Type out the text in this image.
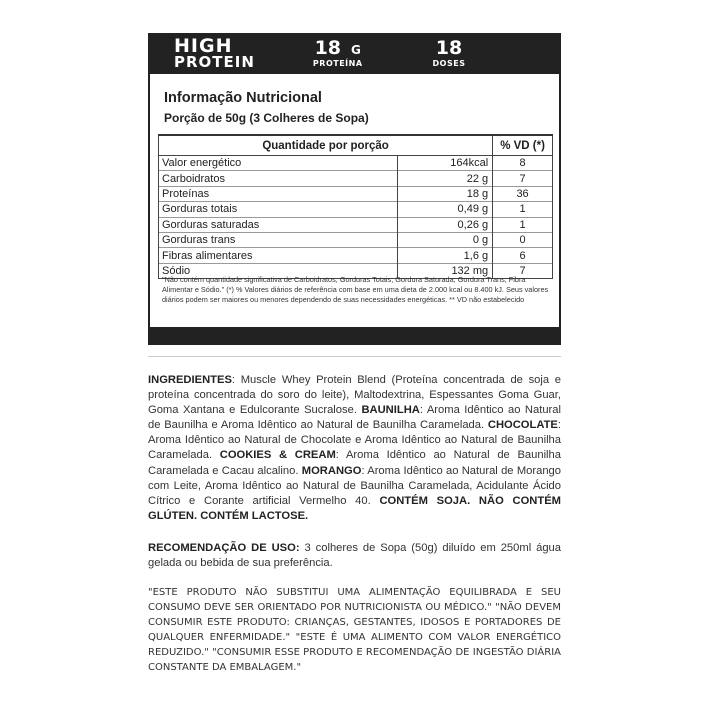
HIGH
PROTEIN
18 G
PROTEÍNA
18
DOSES
Informação Nutricional
Porção de 50g (3 Colheres de Sopa)
Quantidade por porção		% VD (*)
Valor energético	164kcal	8
Carboidratos	22 g	7
Proteínas	18 g	36
Gorduras totais	0,49 g	1
Gorduras saturadas	0,26 g	1
Gorduras trans	0 g	0
Fibras alimentares	1,6 g	6
Sódio	132 mg	7
"Não contém quantidade significativa de Carboidratos, Gorduras Totais, Gordura Saturada, Gordura Trans, Fibra Alimentar e Sódio." (*) % Valores diários de referência com base em uma dieta de 2.000 kcal ou 8.400 kJ. Seus valores diários podem ser maiores ou menores dependendo de suas necessidades energéticas. ** VD não estabelecido
INGREDIENTES: Muscle Whey Protein Blend (Proteína concentrada de soja e proteína concentrada do soro do leite), Maltodextrina, Espessantes Goma Guar, Goma Xantana e Edulcorante Sucralose. BAUNILHA: Aroma Idêntico ao Natural de Baunilha e Aroma Idêntico ao Natural de Baunilha Caramelada. CHOCOLATE: Aroma Idêntico ao Natural de Chocolate e Aroma Idêntico ao Natural de Baunilha Caramelada. COOKIES & CREAM: Aroma Idêntico ao Natural de Baunilha Caramelada e Cacau alcalino. MORANGO: Aroma Idêntico ao Natural de Morango com Leite, Aroma Idêntico ao Natural de Baunilha Caramelada, Acidulante Ácido Cítrico e Corante artificial Vermelho 40. CONTÉM SOJA. NÃO CONTÉM GLÚTEN. CONTÉM LACTOSE.
RECOMENDAÇÃO DE USO: 3 colheres de Sopa (50g) diluído em 250ml água gelada ou bebida de sua preferência.
"ESTE PRODUTO NÃO SUBSTITUI UMA ALIMENTAÇÃO EQUILIBRADA E SEU CONSUMO DEVE SER ORIENTADO POR NUTRICIONISTA OU MÉDICO." "NÃO DEVEM CONSUMIR ESTE PRODUTO: CRIANÇAS, GESTANTES, IDOSOS E PORTADORES DE QUALQUER ENFERMIDADE." "ESTE É UMA ALIMENTO COM VALOR ENERGÉTICO REDUZIDO." "CONSUMIR ESSE PRODUTO E RECOMENDAÇÃO DE INGESTÃO DIÁRIA CONSTANTE DA EMBALAGEM."
